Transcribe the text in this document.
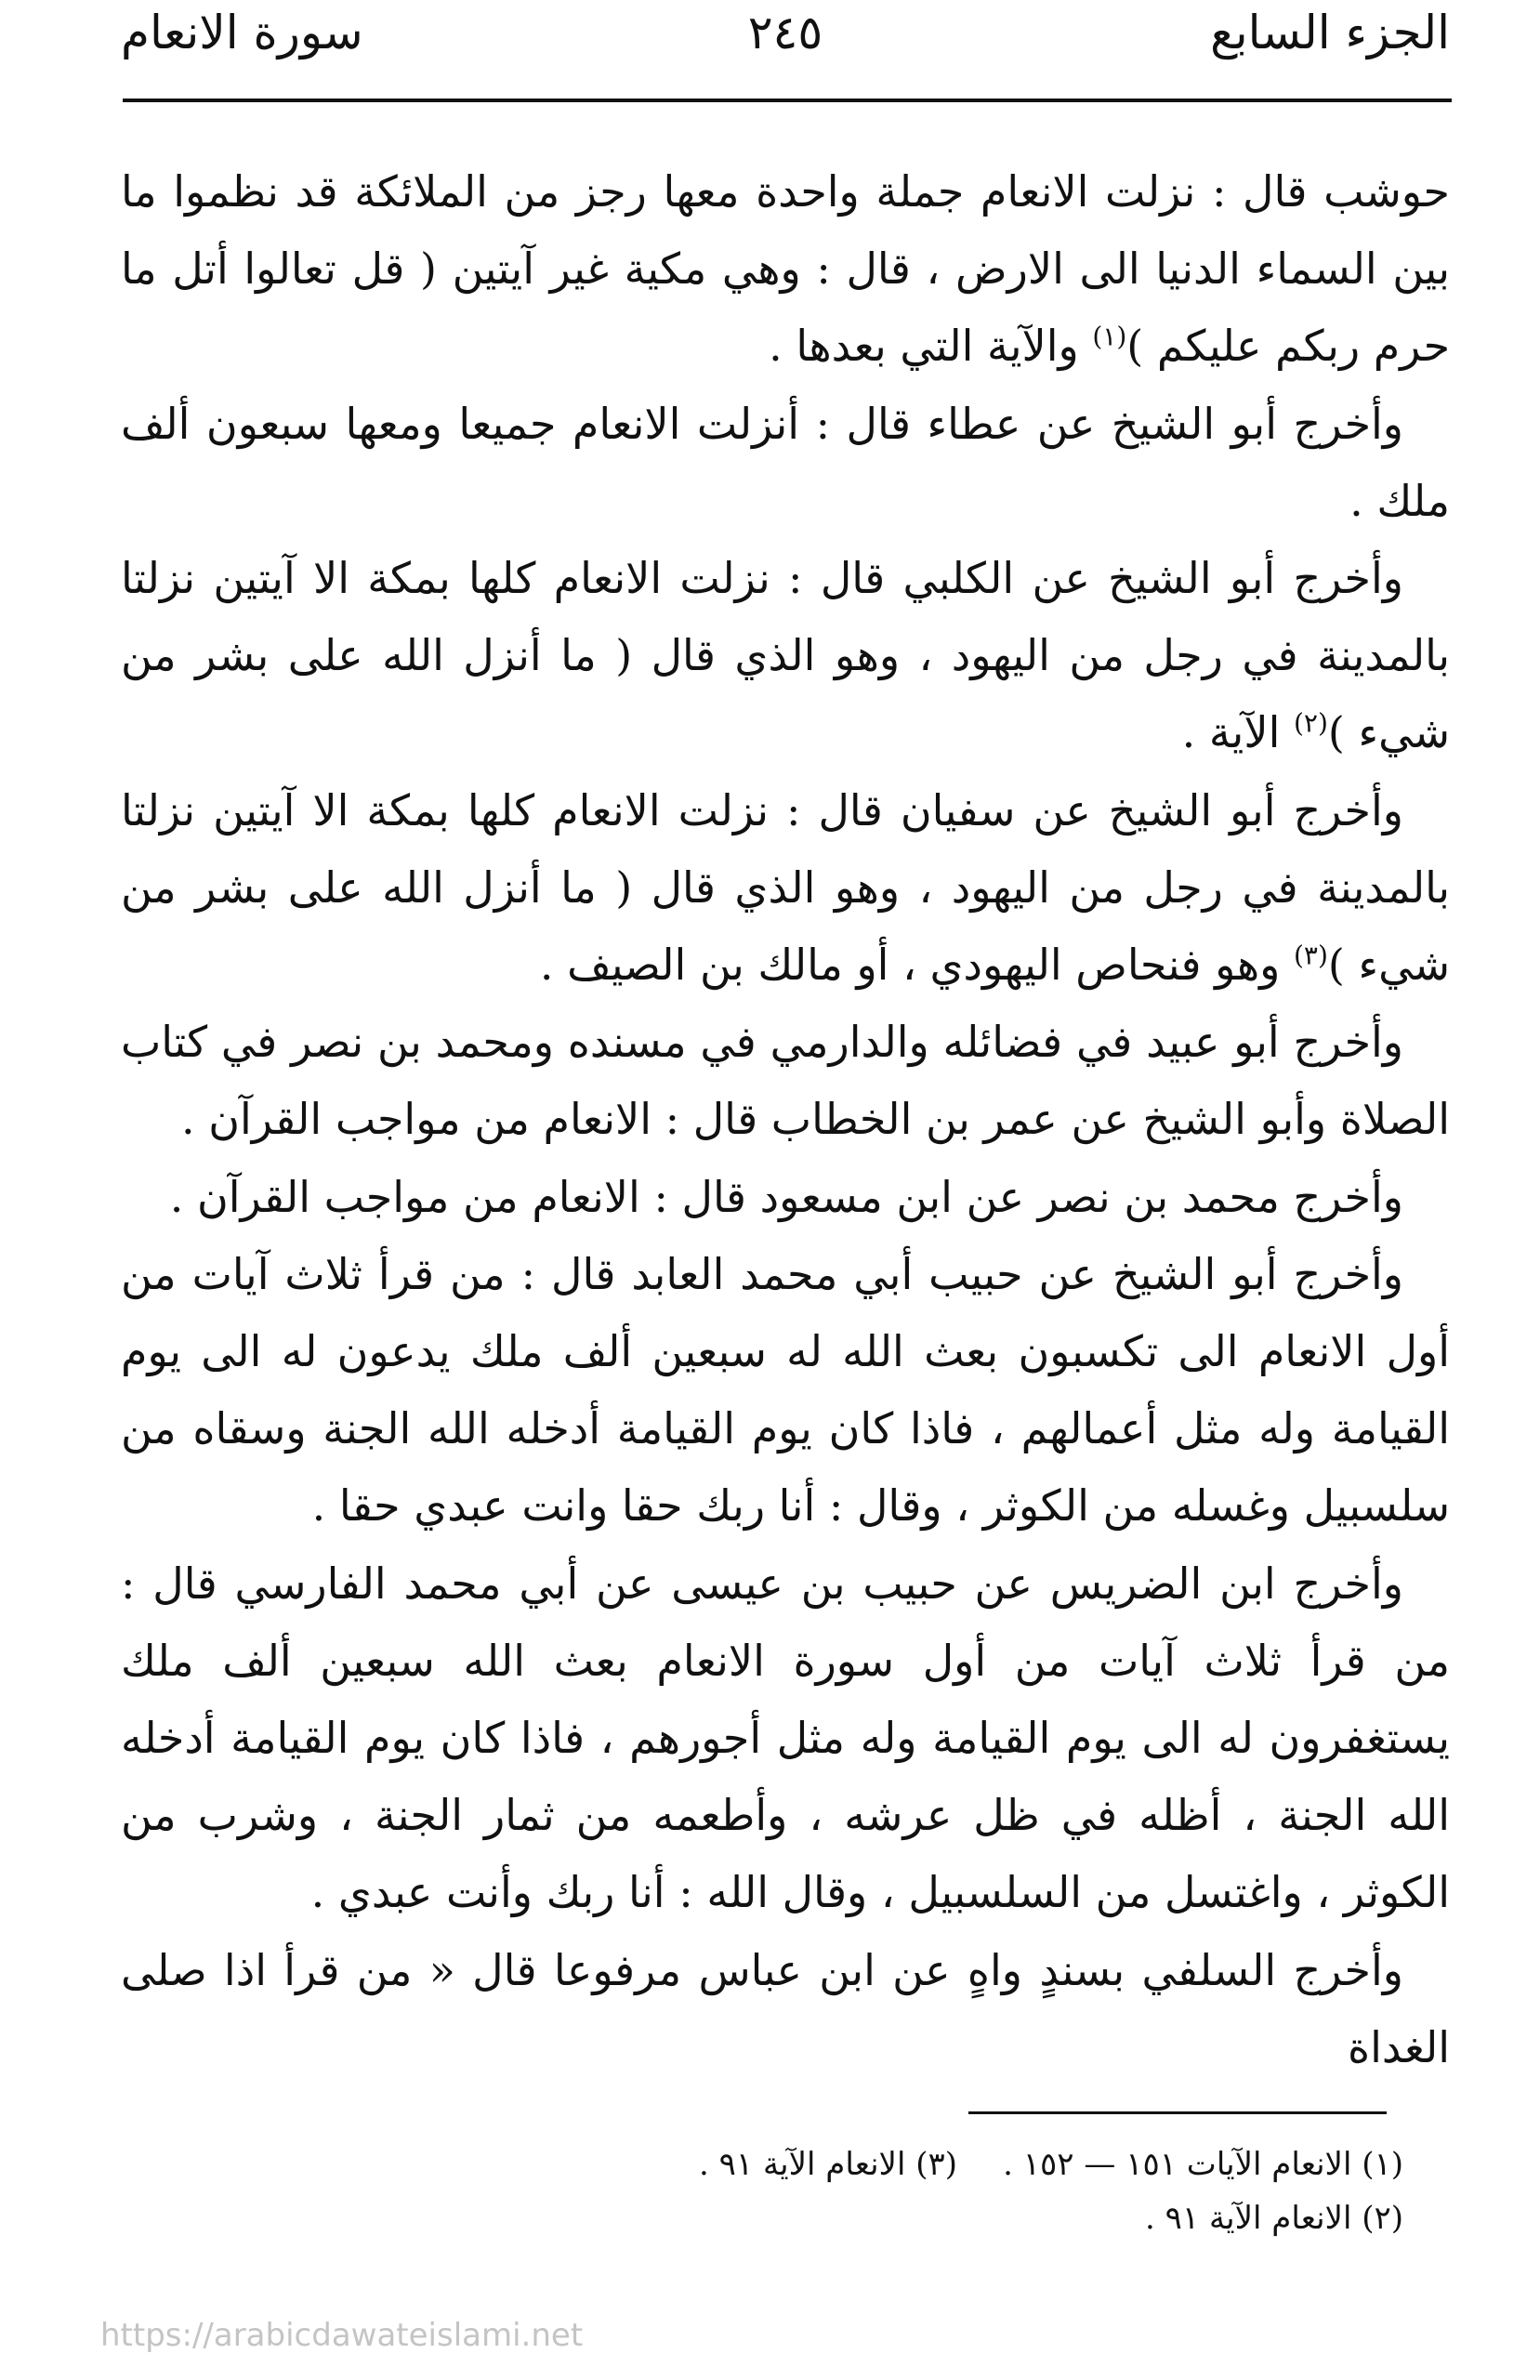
الجزء السابع
٢٤٥
سورة الانعام

حوشب قال : نزلت الانعام جملة واحدة معها رجز من الملائكة قد نظموا ما بين السماء الدنيا الى الارض ، قال : وهي مكية غير آيتين ( قل تعالوا أتل ما حرم ربكم عليكم )$^{(١)}$ والآية التي بعدها .

وأخرج أبو الشيخ عن عطاء قال : أنزلت الانعام جميعا ومعها سبعون ألف ملك .

وأخرج أبو الشيخ عن الكلبي قال : نزلت الانعام كلها بمكة الا آيتين نزلتا بالمدينة في رجل من اليهود ، وهو الذي قال ( ما أنزل الله على بشر من شيء )$^{(٢)}$ الآية .

وأخرج أبو الشيخ عن سفيان قال : نزلت الانعام كلها بمكة الا آيتين نزلتا بالمدينة في رجل من اليهود ، وهو الذي قال ( ما أنزل الله على بشر من شيء )$^{(٣)}$ وهو فنحاص اليهودي ، أو مالك بن الصيف .

وأخرج أبو عبيد في فضائله والدارمي في مسنده ومحمد بن نصر في كتاب الصلاة وأبو الشيخ عن عمر بن الخطاب قال : الانعام من مواجب القرآن .

وأخرج محمد بن نصر عن ابن مسعود قال : الانعام من مواجب القرآن .

وأخرج أبو الشيخ عن حبيب أبي محمد العابد قال : من قرأ ثلاث آيات من أول الانعام الى تكسبون بعث الله له سبعين ألف ملك يدعون له الى يوم القيامة وله مثل أعمالهم ، فاذا كان يوم القيامة أدخله الله الجنة وسقاه من سلسبيل وغسله من الكوثر ، وقال : أنا ربك حقا وانت عبدي حقا .

وأخرج ابن الضريس عن حبيب بن عيسى عن أبي محمد الفارسي قال : من قرأ ثلاث آيات من أول سورة الانعام بعث الله سبعين ألف ملك يستغفرون له الى يوم القيامة وله مثل أجورهم ، فاذا كان يوم القيامة أدخله الله الجنة ، أظله في ظل عرشه ، وأطعمه من ثمار الجنة ، وشرب من الكوثر ، واغتسل من السلسبيل ، وقال الله : أنا ربك وأنت عبدي .

وأخرج السلفي بسندٍ واهٍ عن ابن عباس مرفوعا قال « من قرأ اذا صلى الغداة

(١) الانعام الآيات ١٥١ — ١٥٢ .
(٣) الانعام الآية ٩١ .
(٢) الانعام الآية ٩١ .
https://arabicdawateislami.net
